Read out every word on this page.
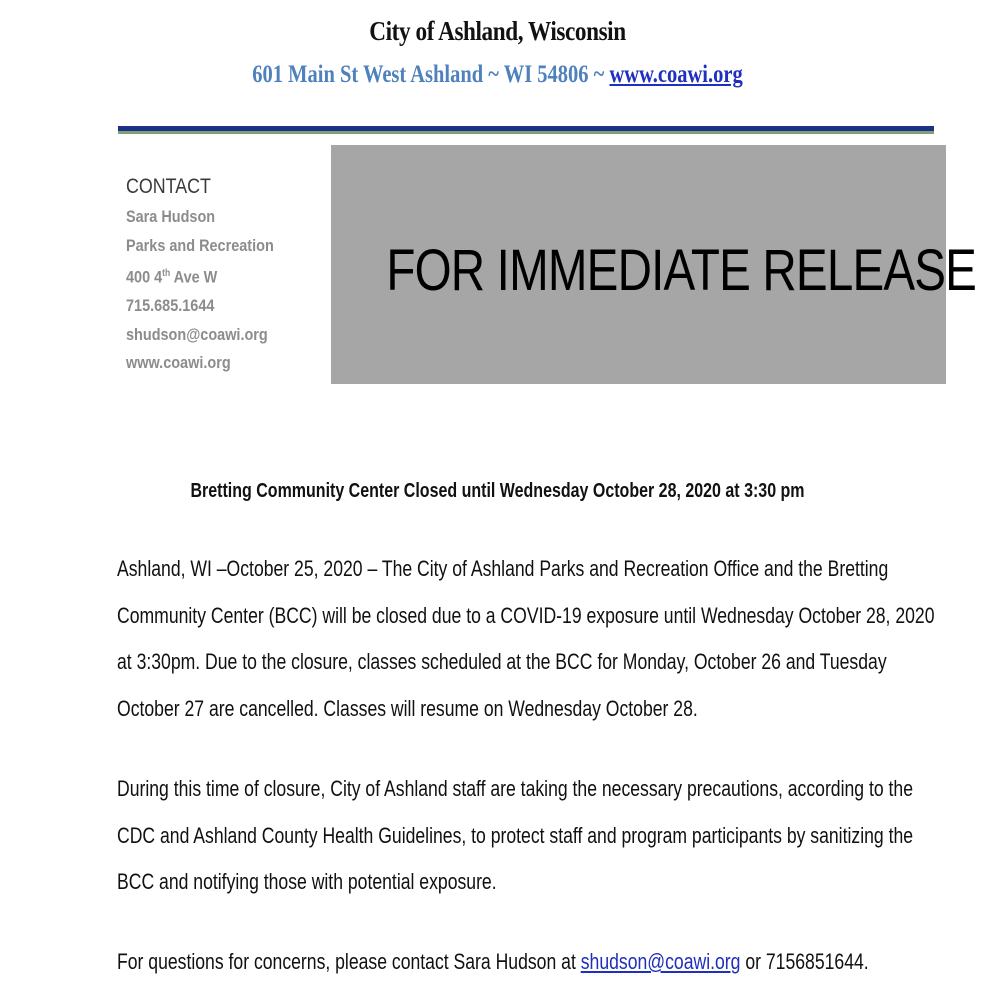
City of Ashland, Wisconsin
601 Main St West Ashland ~ WI 54806 ~ www.coawi.org
CONTACT
Sara Hudson
Parks and Recreation
400 4th Ave W
715.685.1644
shudson@coawi.org
www.coawi.org
FOR IMMEDIATE RELEASE
Bretting Community Center Closed until Wednesday October 28, 2020 at 3:30 pm

Ashland, WI –October 25, 2020 – The City of Ashland Parks and Recreation Office and the Bretting
Community Center (BCC) will be closed due to a COVID-19 exposure until Wednesday October 28, 2020
at 3:30pm. Due to the closure, classes scheduled at the BCC for Monday, October 26 and Tuesday
October 27 are cancelled. Classes will resume on Wednesday October 28.

During this time of closure, City of Ashland staff are taking the necessary precautions, according to the
CDC and Ashland County Health Guidelines, to protect staff and program participants by sanitizing the
BCC and notifying those with potential exposure.

For questions for concerns, please contact Sara Hudson at shudson@coawi.org or 7156851644.
